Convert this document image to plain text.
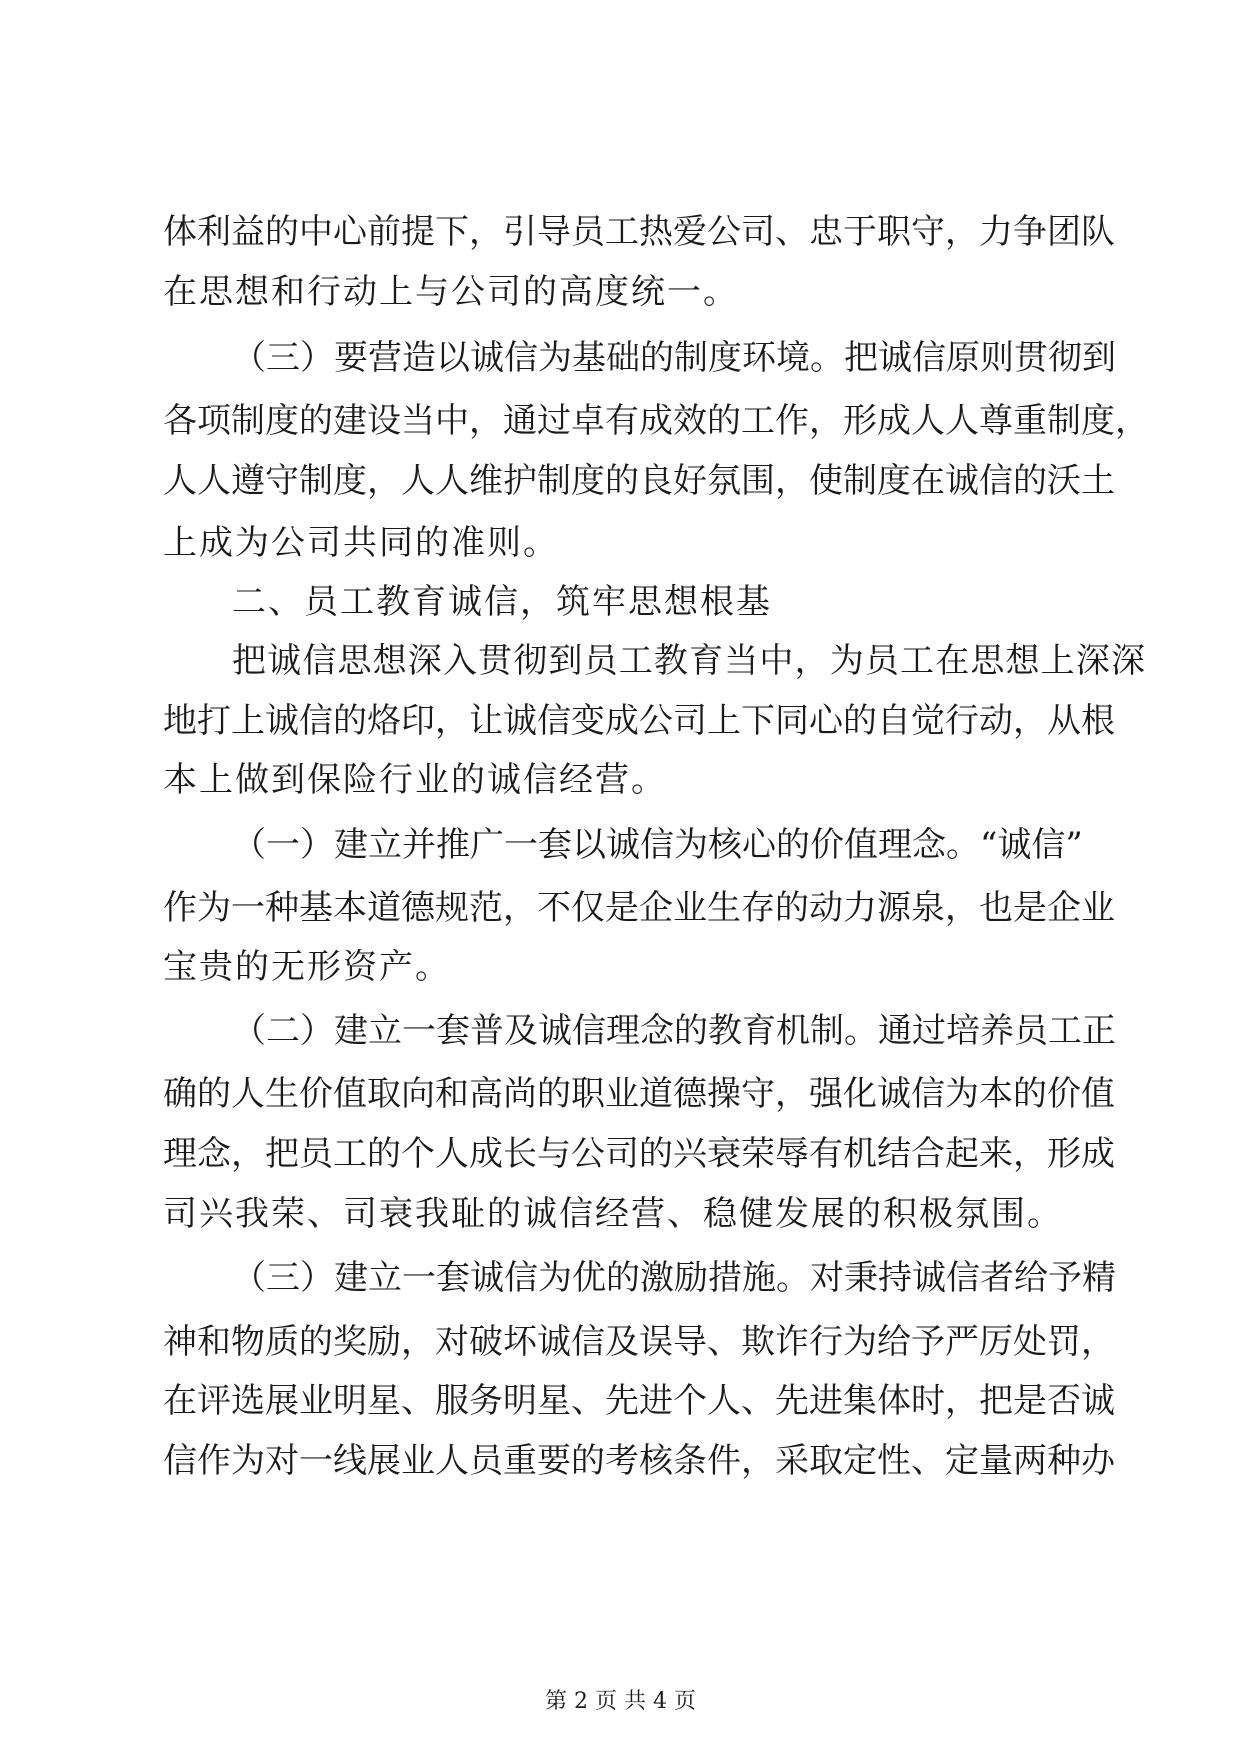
体利益的中心前提下，引导员工热爱公司、忠于职守，力争团队
在思想和行动上与公司的高度统一。
（三）要营造以诚信为基础的制度环境。把诚信原则贯彻到
各项制度的建设当中，通过卓有成效的工作，形成人人尊重制度，
人人遵守制度，人人维护制度的良好氛围，使制度在诚信的沃土
上成为公司共同的准则。
二、员工教育诚信，筑牢思想根基
把诚信思想深入贯彻到员工教育当中，为员工在思想上深深
地打上诚信的烙印，让诚信变成公司上下同心的自觉行动，从根
本上做到保险行业的诚信经营。
（一）建立并推广一套以诚信为核心的价值理念。“诚信”
作为一种基本道德规范，不仅是企业生存的动力源泉，也是企业
宝贵的无形资产。
（二）建立一套普及诚信理念的教育机制。通过培养员工正
确的人生价值取向和高尚的职业道德操守，强化诚信为本的价值
理念，把员工的个人成长与公司的兴衰荣辱有机结合起来，形成
司兴我荣、司衰我耻的诚信经营、稳健发展的积极氛围。
（三）建立一套诚信为优的激励措施。对秉持诚信者给予精
神和物质的奖励，对破坏诚信及误导、欺诈行为给予严厉处罚，
在评选展业明星、服务明星、先进个人、先进集体时，把是否诚
信作为对一线展业人员重要的考核条件，采取定性、定量两种办
第 2 页 共 4 页
